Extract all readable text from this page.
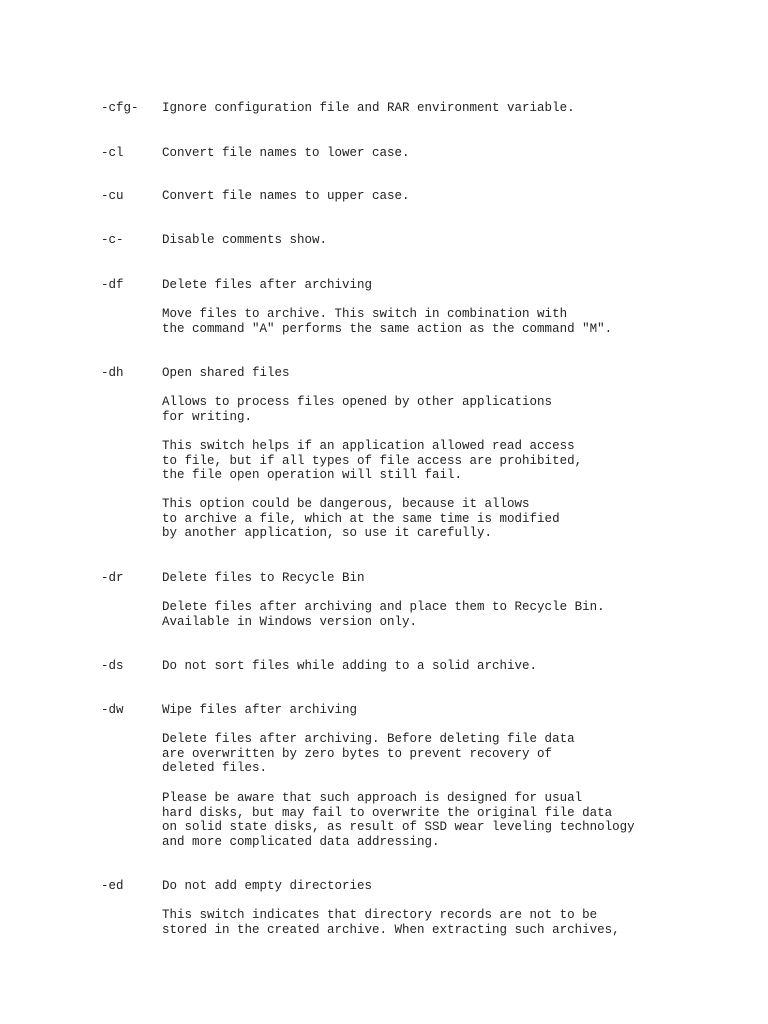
-cfg- Ignore configuration file and RAR environment variable.
-cl	Convert file names to lower case.
-cu	Convert file names to upper case.
-c-	Disable comments show.
-df	Delete files after archiving

Move files to archive. This switch in combination with
the command "A" performs the same action as the command "M".

-dh	Open shared files

Allows to process files opened by other applications
for writing.

This switch helps if an application allowed read access
to file, but if all types of file access are prohibited,
the file open operation will still fail.

This option could be dangerous, because it allows
to archive a file, which at the same time is modified
by another application, so use it carefully.

-dr	Delete files to Recycle Bin

Delete files after archiving and place them to Recycle Bin.
Available in Windows version only.

-ds	Do not sort files while adding to a solid archive.
-dw	Wipe files after archiving

Delete files after archiving. Before deleting file data
are overwritten by zero bytes to prevent recovery of
deleted files.

Please be aware that such approach is designed for usual
hard disks, but may fail to overwrite the original file data
on solid state disks, as result of SSD wear leveling technology
and more complicated data addressing.

-ed	Do not add empty directories

This switch indicates that directory records are not to be
stored in the created archive. When extracting such archives,
